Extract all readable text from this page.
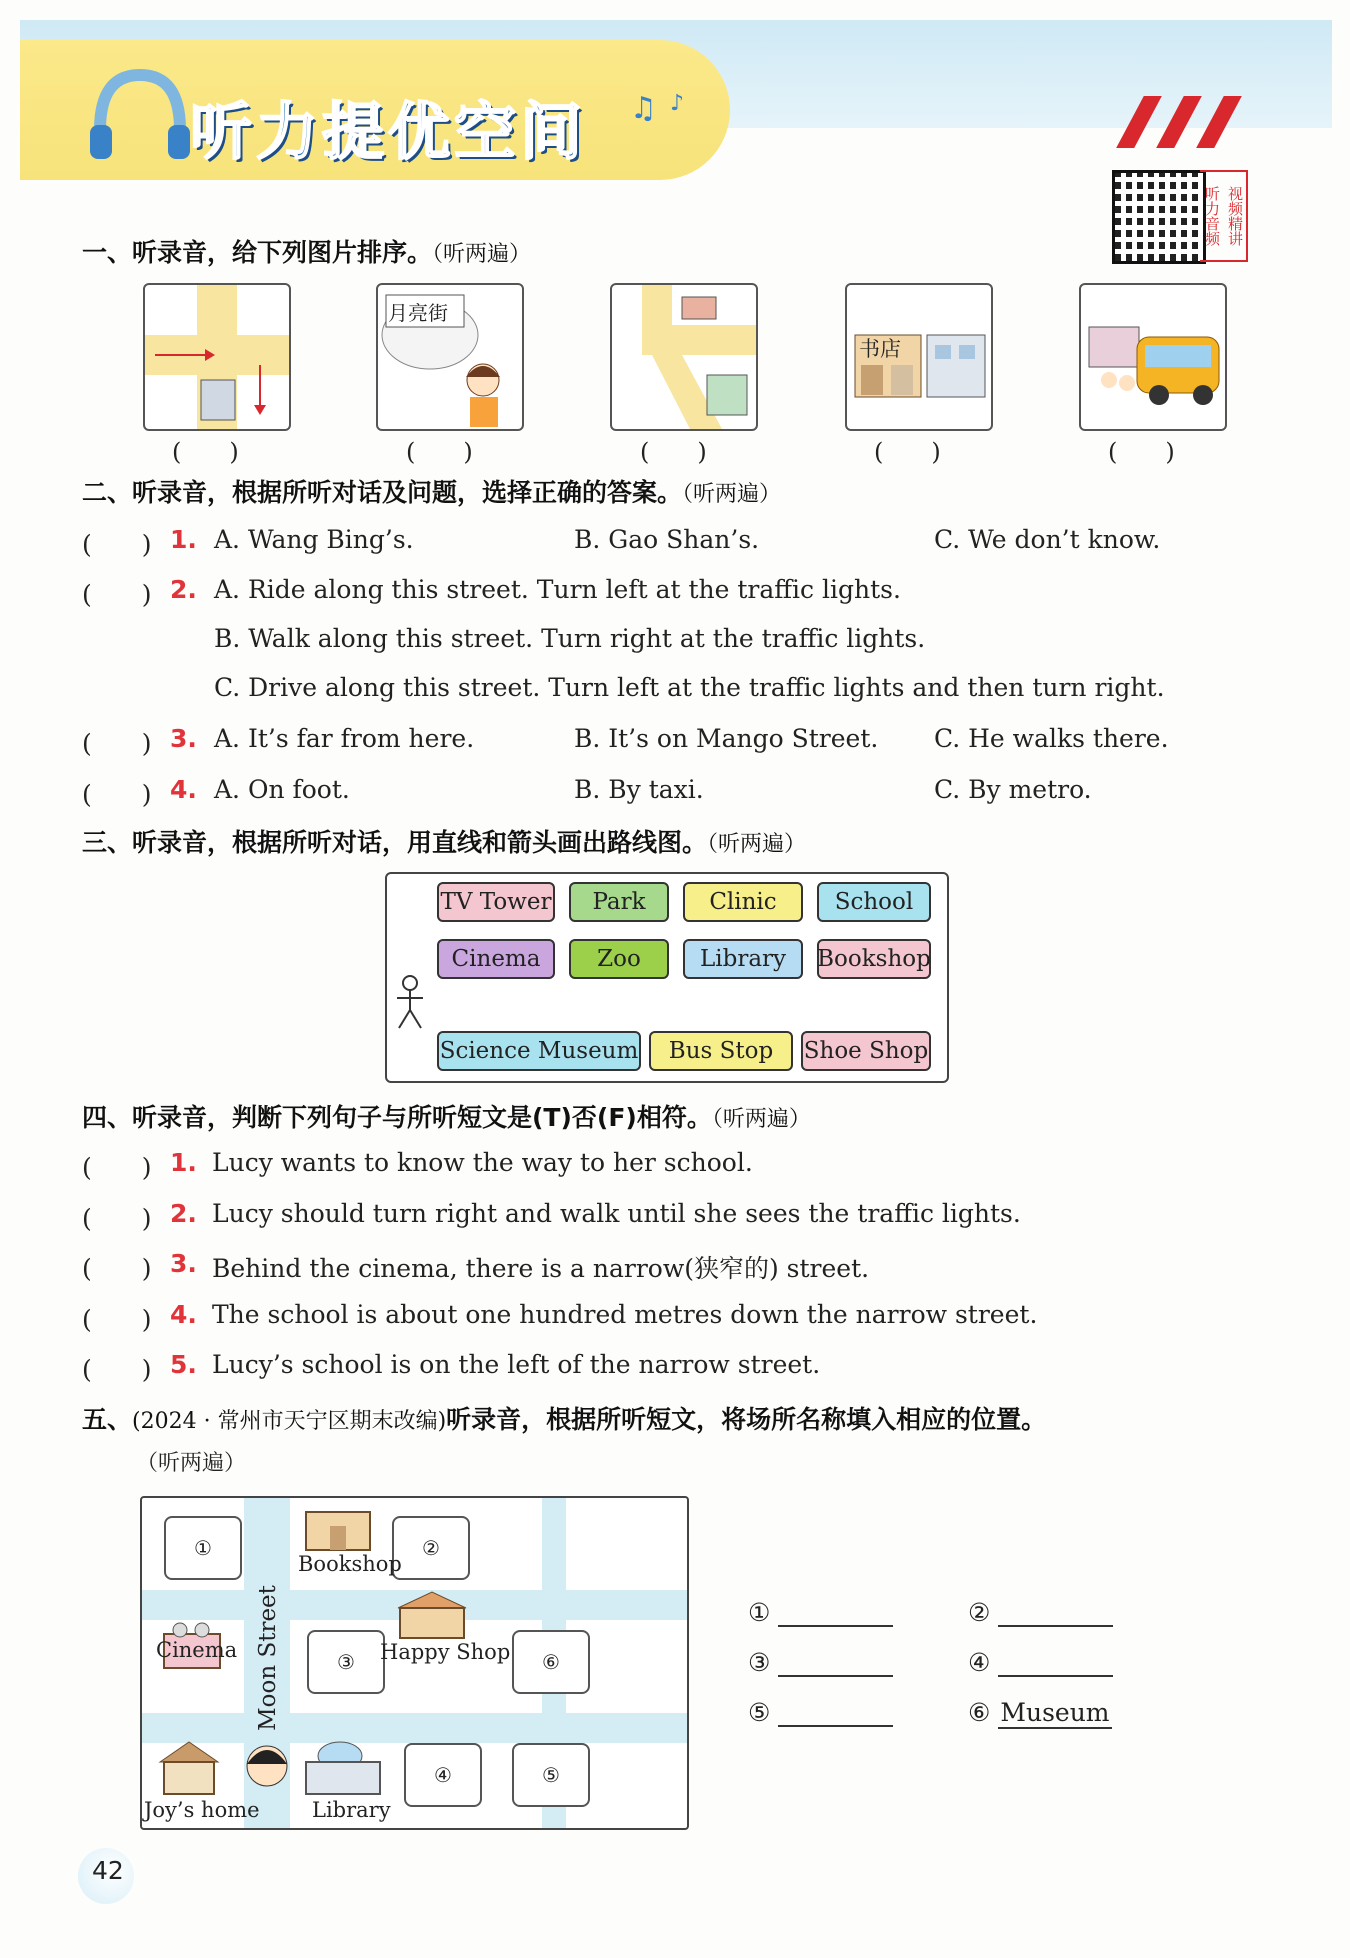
听力提优空间 ♫ ♪
听力音频 视频精讲
一、听录音，给下列图片排序。（听两遍）
月亮街
书店
(　　)	(　　)	(　　)	(　　)	(　　)
二、听录音，根据所听对话及问题，选择正确的答案。（听两遍）
(　　) 1. A. Wang Bing’s.	B. Gao Shan’s.	C. We don’t know.
(　　) 2. A. Ride along this street. Turn left at the traffic lights.
B. Walk along this street. Turn right at the traffic lights.
C. Drive along this street. Turn left at the traffic lights and then turn right.
(　　) 3. A. It’s far from here.	B. It’s on Mango Street. C. He walks there.
(　　) 4. A. On foot.	B. By taxi.	C. By metro.
三、听录音，根据所听对话，用直线和箭头画出路线图。（听两遍）
TV Tower	Park	Clinic	School
Cinema	Zoo	Library	Bookshop
Science Museum	Bus Stop	Shoe Shop
四、听录音，判断下列句子与所听短文是(T)否(F)相符。（听两遍）
(　　) 1. Lucy wants to know the way to her school.
(　　) 2. Lucy should turn right and walk until she sees the traffic lights.
(　　) 3. Behind the cinema, there is a narrow(狭窄的) street.
(　　) 4. The school is about one hundred metres down the narrow street.
(　　) 5. Lucy’s school is on the left of the narrow street.
五、(2024 · 常州市天宁区期末改编)听录音，根据所听短文，将场所名称填入相应的位置。
（听两遍）
Moon Street
①	②
③
④	⑤
⑥
Bookshop
Cinema	Happy Shop
Joy’s home Library
①	②
③	④
⑤	⑥ Museum
42
